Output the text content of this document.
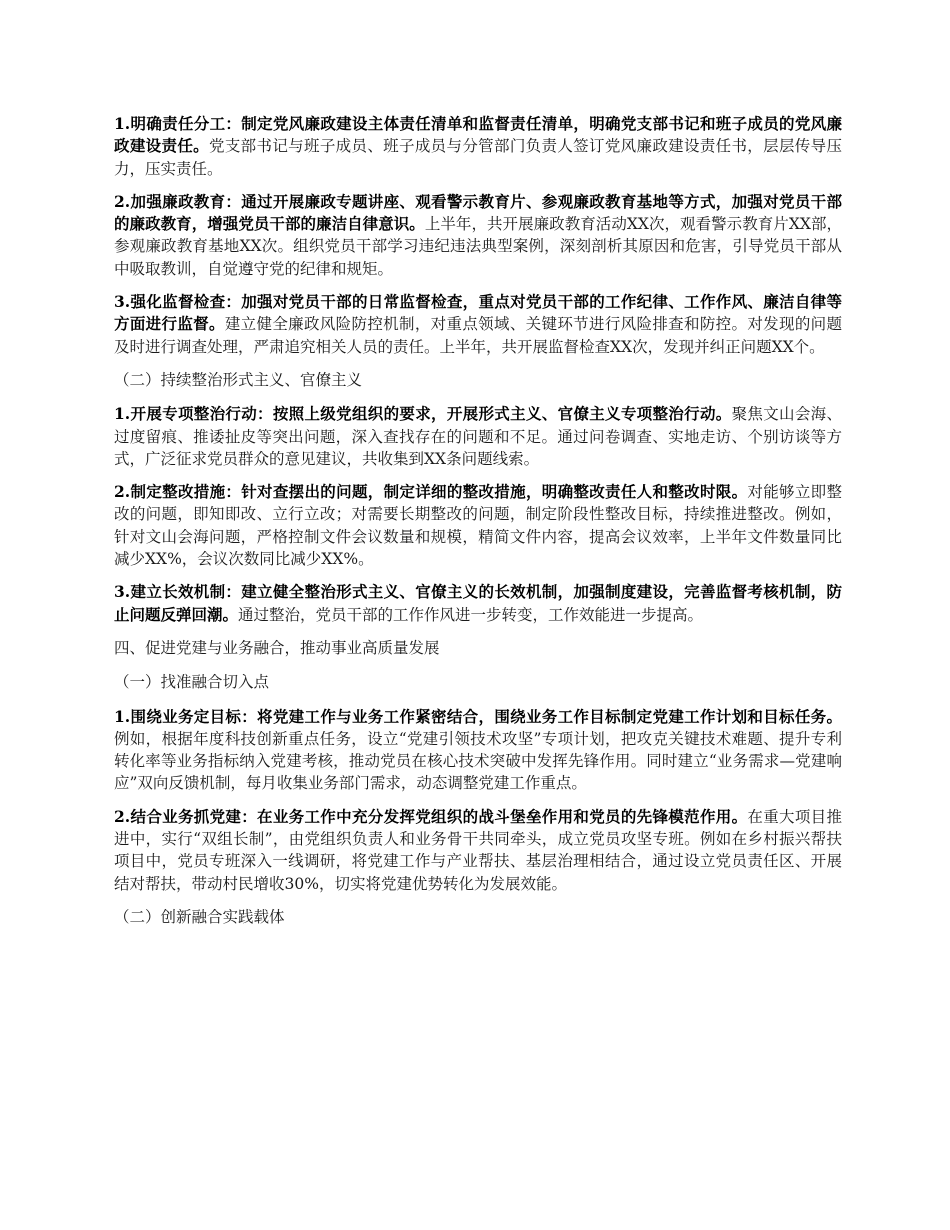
1.明确责任分工：制定党风廉政建设主体责任清单和监督责任清单，明确党支部书记和班子成员的党风廉政建设责任。党支部书记与班子成员、班子成员与分管部门负责人签订党风廉政建设责任书，层层传导压力，压实责任。

2.加强廉政教育：通过开展廉政专题讲座、观看警示教育片、参观廉政教育基地等方式，加强对党员干部的廉政教育，增强党员干部的廉洁自律意识。上半年，共开展廉政教育活动XX次，观看警示教育片XX部，参观廉政教育基地XX次。组织党员干部学习违纪违法典型案例，深刻剖析其原因和危害，引导党员干部从中吸取教训，自觉遵守党的纪律和规矩。

3.强化监督检查：加强对党员干部的日常监督检查，重点对党员干部的工作纪律、工作作风、廉洁自律等方面进行监督。建立健全廉政风险防控机制，对重点领域、关键环节进行风险排查和防控。对发现的问题及时进行调查处理，严肃追究相关人员的责任。上半年，共开展监督检查XX次，发现并纠正问题XX个。

（二）持续整治形式主义、官僚主义

1.开展专项整治行动：按照上级党组织的要求，开展形式主义、官僚主义专项整治行动。聚焦文山会海、过度留痕、推诿扯皮等突出问题，深入查找存在的问题和不足。通过问卷调查、实地走访、个别访谈等方式，广泛征求党员群众的意见建议，共收集到XX条问题线索。

2.制定整改措施：针对查摆出的问题，制定详细的整改措施，明确整改责任人和整改时限。对能够立即整改的问题，即知即改、立行立改；对需要长期整改的问题，制定阶段性整改目标，持续推进整改。例如，针对文山会海问题，严格控制文件会议数量和规模，精简文件内容，提高会议效率，上半年文件数量同比减少XX%，会议次数同比减少XX%。

3.建立长效机制：建立健全整治形式主义、官僚主义的长效机制，加强制度建设，完善监督考核机制，防止问题反弹回潮。通过整治，党员干部的工作作风进一步转变，工作效能进一步提高。

四、促进党建与业务融合，推动事业高质量发展

（一）找准融合切入点

1.围绕业务定目标：将党建工作与业务工作紧密结合，围绕业务工作目标制定党建工作计划和目标任务。例如，根据年度科技创新重点任务，设立“党建引领技术攻坚”专项计划，把攻克关键技术难题、提升专利转化率等业务指标纳入党建考核，推动党员在核心技术突破中发挥先锋作用。同时建立“业务需求—党建响应”双向反馈机制，每月收集业务部门需求，动态调整党建工作重点。

2.结合业务抓党建：在业务工作中充分发挥党组织的战斗堡垒作用和党员的先锋模范作用。在重大项目推进中，实行“双组长制”，由党组织负责人和业务骨干共同牵头，成立党员攻坚专班。例如在乡村振兴帮扶项目中，党员专班深入一线调研，将党建工作与产业帮扶、基层治理相结合，通过设立党员责任区、开展结对帮扶，带动村民增收30%，切实将党建优势转化为发展效能。

（二）创新融合实践载体
